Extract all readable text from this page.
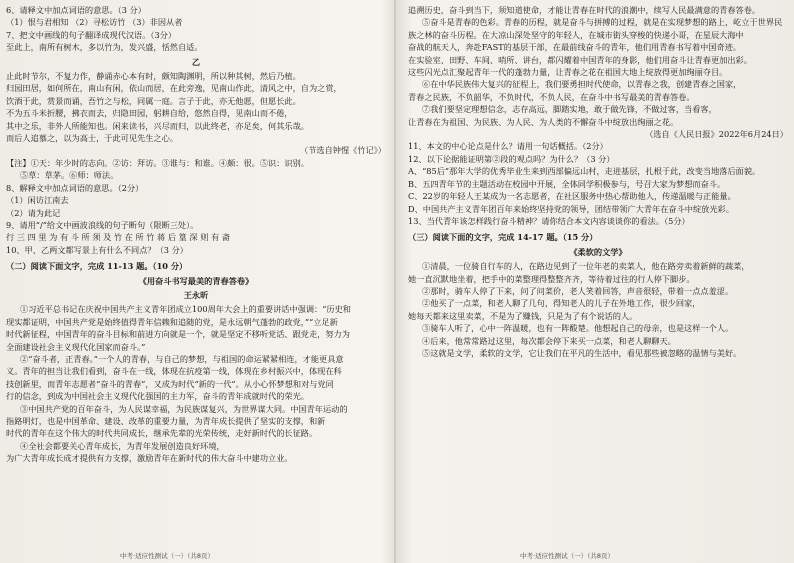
6、请释文中加点词语的意思。（3 分）
（1）恨与君相知 （2）寻松访竹 （3）非因从者
7、把文中画线的句子翻译成现代汉语。（3分）
至此上，南所有树木，多以竹为，发兴盛，恬然自适。
乙
止此时节尔，不复力作，静诵赤心本有时，颇知陶渊明，所以种其树，然后乃植。
归园田居，如何所在，南山有闲，依山而居，在此旁逸，见南山作此，清风之中，自为之赏，
饮酒于此，赏景而诵，吾竹之与松，同属一庭。言子于此，亦无他愿，但愿长此。
不为五斗米折腰，拂衣而去，归隐田园，躬耕自给，悠然自得，见南山而不倦，
其中之乐，非外人所能知也。闲来读书，兴尽而归，以此终老，亦足矣，何其乐哉。
而后人追慕之，以为高士，于此可见先生之心。
（节选自钟惺《竹记》）
【注】①天：年少时的志向。②访：拜访。③谁与：和谁。④颇：很。⑤识：识别。
⑤草：草茅。⑥师：师法。
8、解释文中加点词语的意思。（2分）
（1）闲访江南去
（2）请为此记
9、请用“/”给文中画波浪线的句子断句（限断三处）。
行 三 四 里 为 有 斗 所 须 及 竹 在 所 竹 蒋 后 篁 深 则 有 斋
10、甲、乙两文都写景上有什么不同点？（3 分）
（二）阅读下面文字，完成 11-13 题。（10 分）
《用奋斗书写最美的青春答卷》
王永昕
①习近平总书记在庆祝中国共产主义青年团成立100周年大会上的重要讲话中强调：“历史和
现实都证明，中国共产党是始终值得青年信赖和追随的党，是永远朝气蓬勃的政党，”“立足新
时代新征程，中国青年的奋斗目标和前进方向就是一个，就是坚定不移听党话、跟党走，努力为
全面建设社会主义现代化国家而奋斗。”
②“奋斗者，正青春。”一个人的青春，与自己的梦想，与祖国的命运紧紧相连，才能更具意
义。青年的担当让我们看到，奋斗在一线，体现在抗疫第一线，体现在乡村振兴中，体现在科
技创新里，而青年志愿者“奋斗的青春”，又成为时代“新的一代”。从小心怀梦想和对与党同
行的信念，到成为中国社会主义现代化强国的主力军，奋斗的青年成就时代的荣光。
③中国共产党的百年奋斗，为人民谋幸福，为民族谋复兴，为世界谋大同。中国青年运动的
指路明灯，也是中国革命、建设、改革的重要力量，为青年成长提供了坚实的支撑，和新
时代的青年在这个伟大的时代共同成长，继承先辈的光荣传统，走好新时代的长征路。
④全社会都要关心青年成长，为青年发展创造良好环境，
为广大青年成长成才提供有力支撑，激励青年在新时代的伟大奋斗中建功立业。
追溯历史，奋斗到当下，须知道使命，才能让青春在时代的浪潮中，续写人民最满意的青春答卷。
⑤奋斗是青春的色彩。青春的历程，就是奋斗与拼搏的过程，就是在实现梦想的路上，屹立于世界民
族之林的奋斗历程。在大凉山深处坚守的年轻人，在城市街头穿梭的快递小哥，在星辰大海中
奋战的航天人，奔赴FAST的基层干部，在最前线奋斗的青年，他们用青春书写着中国奇迹。
在实验室、田野、车间、哨所、讲台，都闪耀着中国青年的身影，他们用奋斗让青春更加出彩。
这些闪光点汇聚起青年一代的蓬勃力量，让青春之花在祖国大地上绽放得更加绚丽夺目。
⑥在中华民族伟大复兴的征程上，我们要勇担时代使命，以青春之我，创建青春之国家，
青春之民族，不负韶华，不负时代，不负人民，在奋斗中书写最美的青春答卷。
⑦我们要坚定理想信念，志存高远，脚踏实地，敢于做先锋，不做过客，当看客，
让青春在为祖国、为民族、为人民、为人类的不懈奋斗中绽放出绚丽之花。
（选自《人民日报》2022年6月24日）
11、本文的中心论点是什么？请用一句话概括。（2分）
12、以下论据能证明第②段的观点吗？为什么？（3 分）
A、“85后”那年大学的优秀毕业生来到西部偏远山村，走进基层，扎根于此，改变当地落后面貌。
B、五四青年节的主题活动在校园中开展，全体同学积极参与，号召大家为梦想而奋斗。
C、22岁的年轻人王某成为一名志愿者，在社区服务中热心帮助他人，传递温暖与正能量。
D、中国共产主义青年团百年来始终坚持党的领导，团结带领广大青年在奋斗中绽放光彩。
13、当代青年该怎样践行奋斗精神？请你结合本文内容谈谈你的看法。（5分）
（三）阅读下面的文字，完成 14-17 题。（15 分）
《柔软的文学》
①清晨，一位骑自行车的人，在路边见到了一位年老的卖菜人，他在路旁卖着新鲜的蔬菜，
她一直沉默地坐着，把手中的菜整理得整整齐齐，等待着过往的行人停下脚步。
②那时，骑车人停了下来，问了问菜价，老人笑着回答，声音很轻，带着一点点羞涩。
②他买了一点菜，和老人聊了几句，得知老人的儿子在外地工作，很少回家，
她每天都来这里卖菜，不是为了赚钱，只是为了有个说话的人。
③骑车人听了，心中一阵温暖，也有一阵酸楚。他想起自己的母亲，也是这样一个人。
④后来，他常常路过这里，每次都会停下来买一点菜，和老人聊聊天。
⑤这就是文学，柔软的文学，它让我们在平凡的生活中，看见那些被忽略的温情与美好。
中考·适应性测试（一）（共8页）	中考·适应性测试（一）（共8页）
